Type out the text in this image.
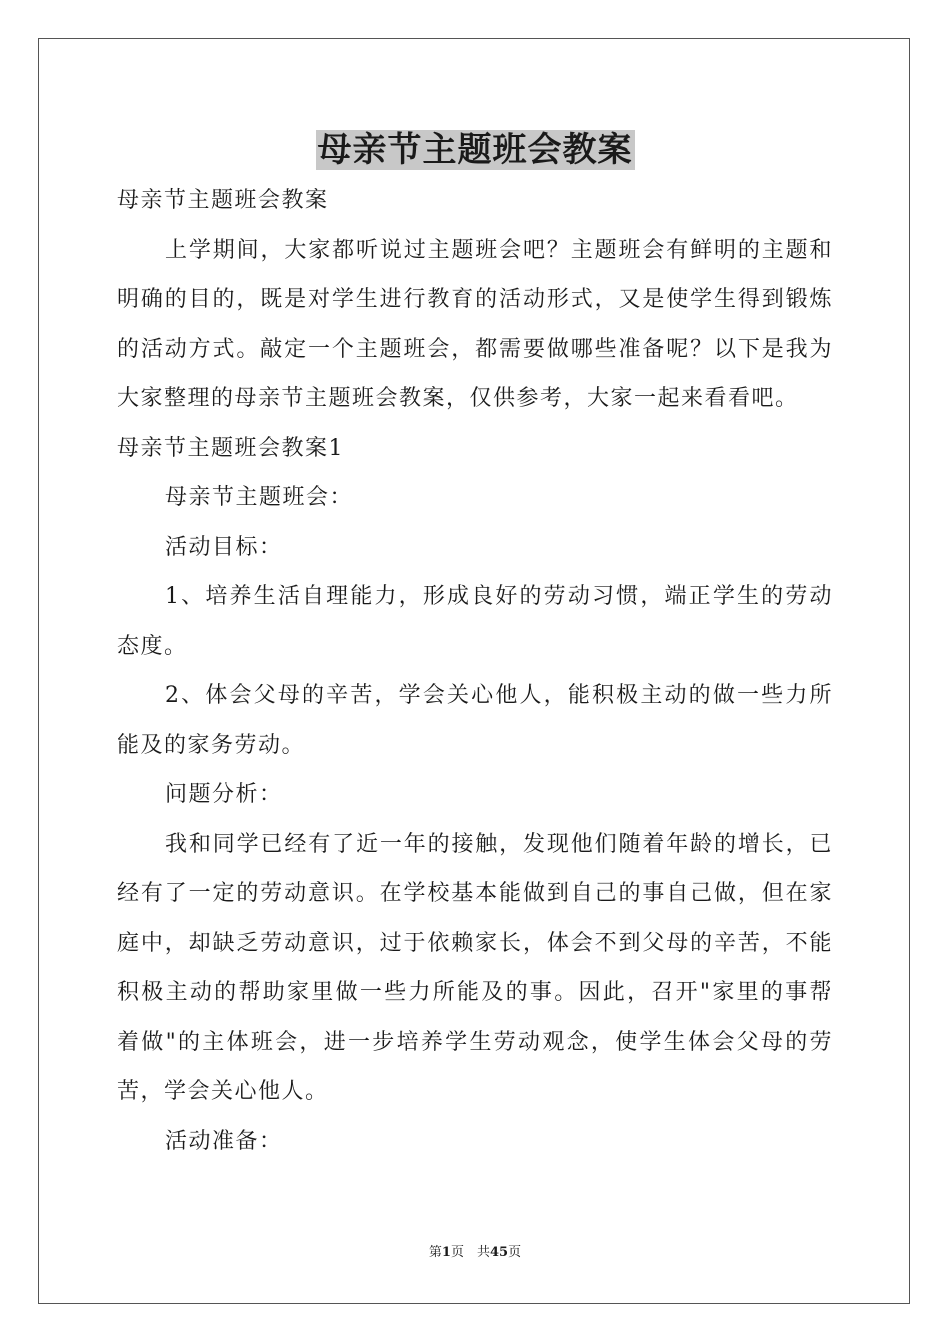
母亲节主题班会教案

母亲节主题班会教案

上学期间，大家都听说过主题班会吧？主题班会有鲜明的主题和明确的目的，既是对学生进行教育的活动形式，又是使学生得到锻炼的活动方式。敲定一个主题班会，都需要做哪些准备呢？以下是我为大家整理的母亲节主题班会教案，仅供参考，大家一起来看看吧。

母亲节主题班会教案1

母亲节主题班会：

活动目标：

1、培养生活自理能力，形成良好的劳动习惯，端正学生的劳动态度。

2、体会父母的辛苦，学会关心他人，能积极主动的做一些力所能及的家务劳动。

问题分析：

我和同学已经有了近一年的接触，发现他们随着年龄的增长，已经有了一定的劳动意识。在学校基本能做到自己的事自己做，但在家庭中，却缺乏劳动意识，过于依赖家长，体会不到父母的辛苦，不能积极主动的帮助家里做一些力所能及的事。因此，召开"家里的事帮着做"的主体班会，进一步培养学生劳动观念，使学生体会父母的劳苦，学会关心他人。

活动准备：

第1页　共45页
